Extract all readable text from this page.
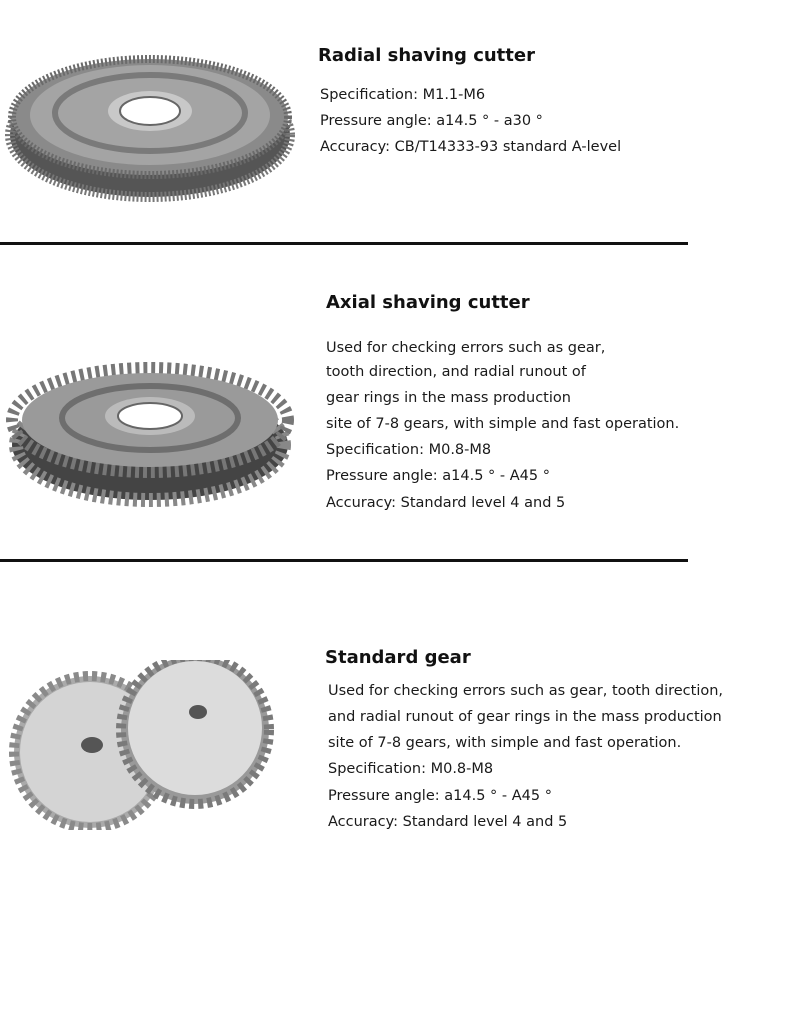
Radial shaving cutter
Specification: M1.1-M6
Pressure angle: a14.5 ° - a30 °
Accuracy: CB/T14333-93 standard A-level
Axial shaving cutter
Used for checking errors such as gear,
tooth direction, and radial runout of
gear rings in the mass production
site of 7-8 gears, with simple and fast operation.
Specification: M0.8-M8
Pressure angle: a14.5 ° - A45 °
Accuracy: Standard level 4 and 5
Standard gear
Used for checking errors such as gear, tooth direction,
and radial runout of gear rings in the mass production
site of 7-8 gears, with simple and fast operation.
Specification: M0.8-M8
Pressure angle: a14.5 ° - A45 °
Accuracy: Standard level 4 and 5
